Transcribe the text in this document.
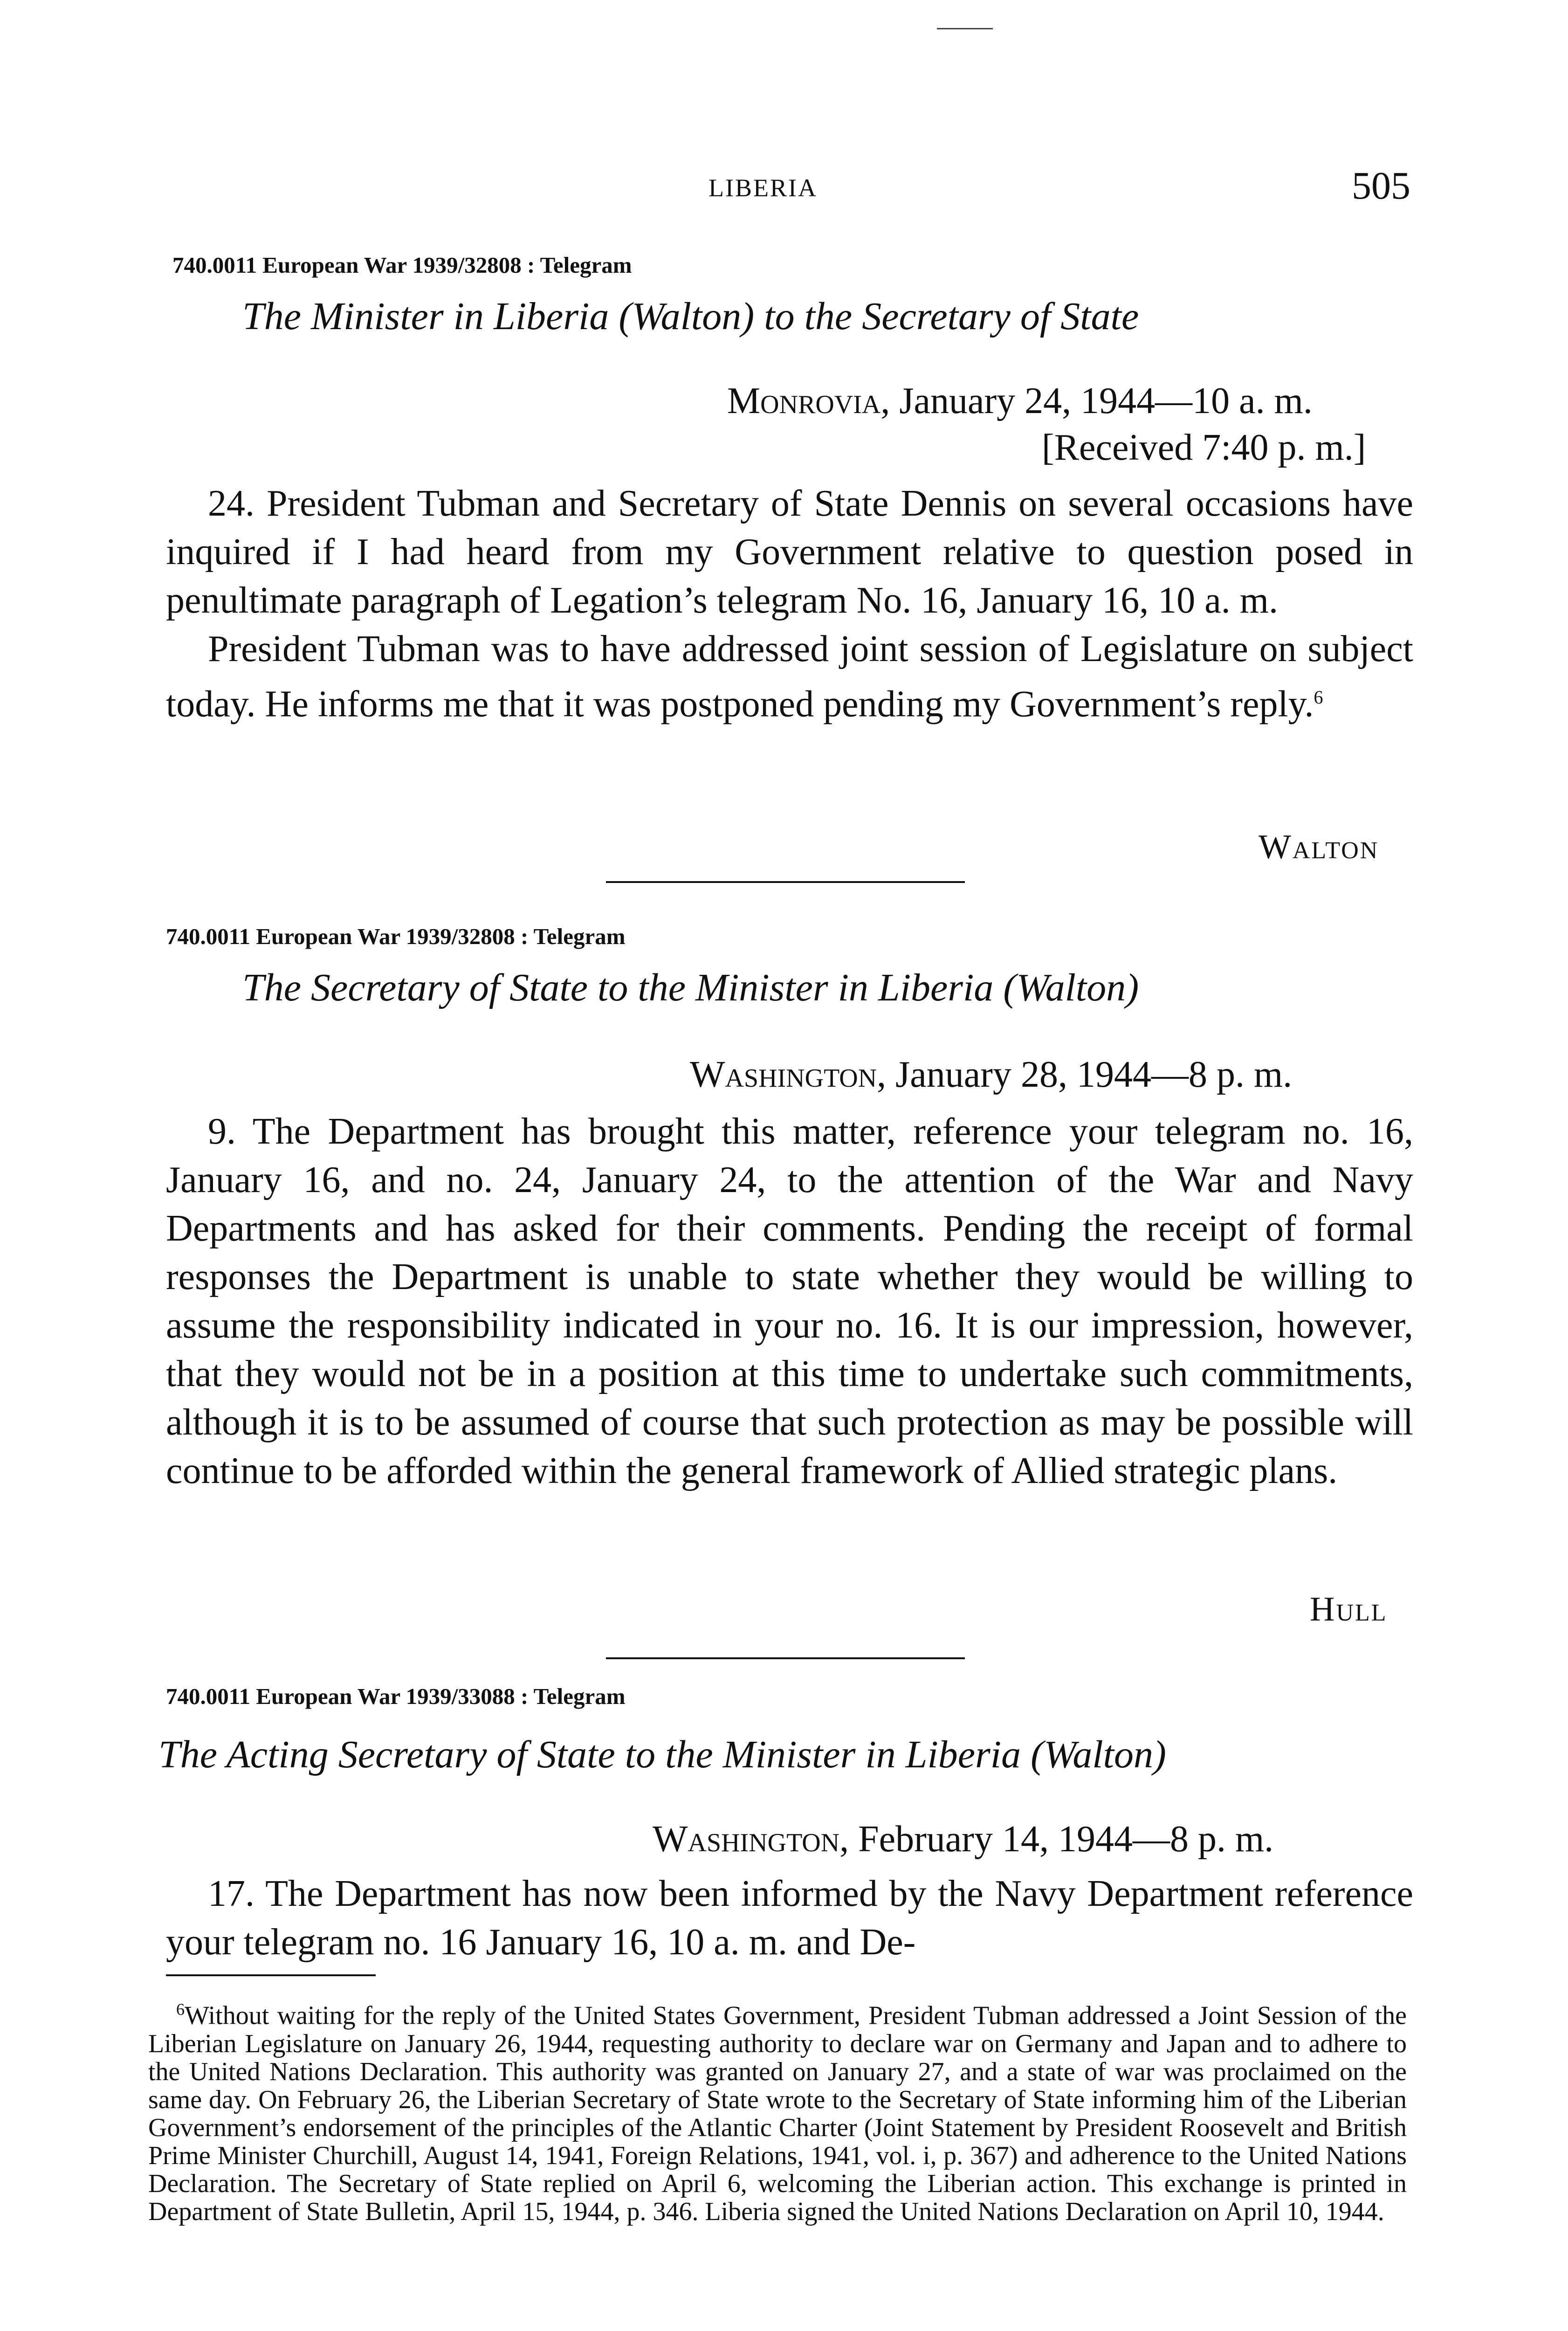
LIBERIA	505
740.0011 European War 1939/32808 : Telegram
The Minister in Liberia (Walton) to the Secretary of State
Monrovia, January 24, 1944—10 a. m.
[Received 7:40 p. m.]

24. President Tubman and Secretary of State Dennis on several occasions have inquired if I had heard from my Government relative to question posed in penultimate paragraph of Legation’s telegram No. 16, January 16, 10 a. m.

President Tubman was to have addressed joint session of Legislature on subject today. He informs me that it was postponed pending my Government’s reply.$^6$

Walton
740.0011 European War 1939/32808 : Telegram
The Secretary of State to the Minister in Liberia (Walton)
Washington, January 28, 1944—8 p. m.

9. The Department has brought this matter, reference your telegram no. 16, January 16, and no. 24, January 24, to the attention of the War and Navy Departments and has asked for their comments. Pending the receipt of formal responses the Department is unable to state whether they would be willing to assume the responsibility indicated in your no. 16. It is our impression, however, that they would not be in a position at this time to undertake such commitments, although it is to be assumed of course that such protection as may be possible will continue to be afforded within the general framework of Allied strategic plans.

Hull
740.0011 European War 1939/33088 : Telegram
The Acting Secretary of State to the Minister in Liberia (Walton)
Washington, February 14, 1944—8 p. m.

17. The Department has now been informed by the Navy Department reference your telegram no. 16 January 16, 10 a. m. and De-

$^6$Without waiting for the reply of the United States Government, President Tubman addressed a Joint Session of the Liberian Legislature on January 26, 1944, requesting authority to declare war on Germany and Japan and to adhere to the United Nations Declaration. This authority was granted on January 27, and a state of war was proclaimed on the same day. On February 26, the Liberian Secretary of State wrote to the Secretary of State informing him of the Liberian Government’s endorsement of the principles of the Atlantic Charter (Joint Statement by President Roosevelt and British Prime Minister Churchill, August 14, 1941, Foreign Relations, 1941, vol. i, p. 367) and adherence to the United Nations Declaration. The Secretary of State replied on April 6, welcoming the Liberian action. This exchange is printed in Department of State Bulletin, April 15, 1944, p. 346. Liberia signed the United Nations Declaration on April 10, 1944.
